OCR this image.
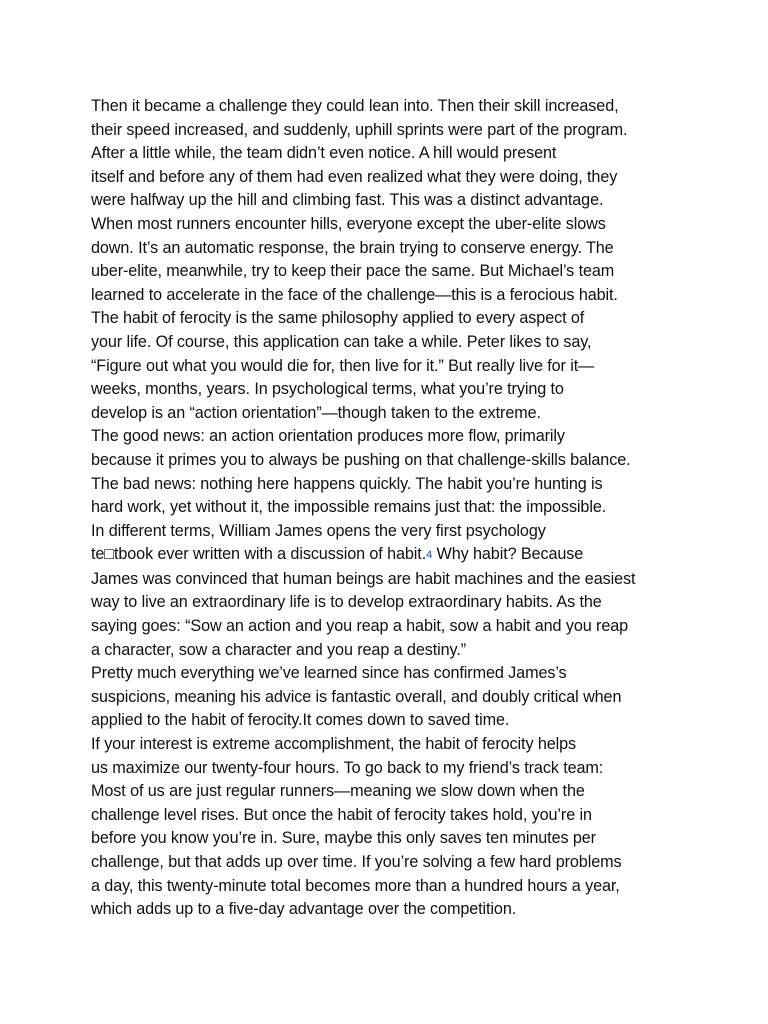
Then it became a challenge they could lean into. Then their skill increased,
their speed increased, and suddenly, uphill sprints were part of the program.
After a little while, the team didn’t even notice. A hill would present
itself and before any of them had even realized what they were doing, they
were halfway up the hill and climbing fast. This was a distinct advantage.
When most runners encounter hills, everyone except the uber-elite slows
down. It’s an automatic response, the brain trying to conserve energy. The
uber-elite, meanwhile, try to keep their pace the same. But Michael’s team
learned to accelerate in the face of the challenge—this is a ferocious habit.
The habit of ferocity is the same philosophy applied to every aspect of
your life. Of course, this application can take a while. Peter likes to say,
“Figure out what you would die for, then live for it.” But really live for it—
weeks, months, years. In psychological terms, what you’re trying to
develop is an “action orientation”—though taken to the extreme.
The good news: an action orientation produces more flow, primarily
because it primes you to always be pushing on that challenge-skills balance.
The bad news: nothing here happens quickly. The habit you’re hunting is
hard work, yet without it, the impossible remains just that: the impossible.
In different terms, William James opens the very first psychology
te□tbook ever written with a discussion of habit.4 Why habit? Because
James was convinced that human beings are habit machines and the easiest
way to live an extraordinary life is to develop extraordinary habits. As the
saying goes: “Sow an action and you reap a habit, sow a habit and you reap
a character, sow a character and you reap a destiny.”
Pretty much everything we’ve learned since has confirmed James’s
suspicions, meaning his advice is fantastic overall, and doubly critical when
applied to the habit of ferocity.It comes down to saved time.
If your interest is extreme accomplishment, the habit of ferocity helps
us maximize our twenty-four hours. To go back to my friend’s track team:
Most of us are just regular runners—meaning we slow down when the
challenge level rises. But once the habit of ferocity takes hold, you’re in
before you know you’re in. Sure, maybe this only saves ten minutes per
challenge, but that adds up over time. If you’re solving a few hard problems
a day, this twenty-minute total becomes more than a hundred hours a year,
which adds up to a five-day advantage over the competition.
